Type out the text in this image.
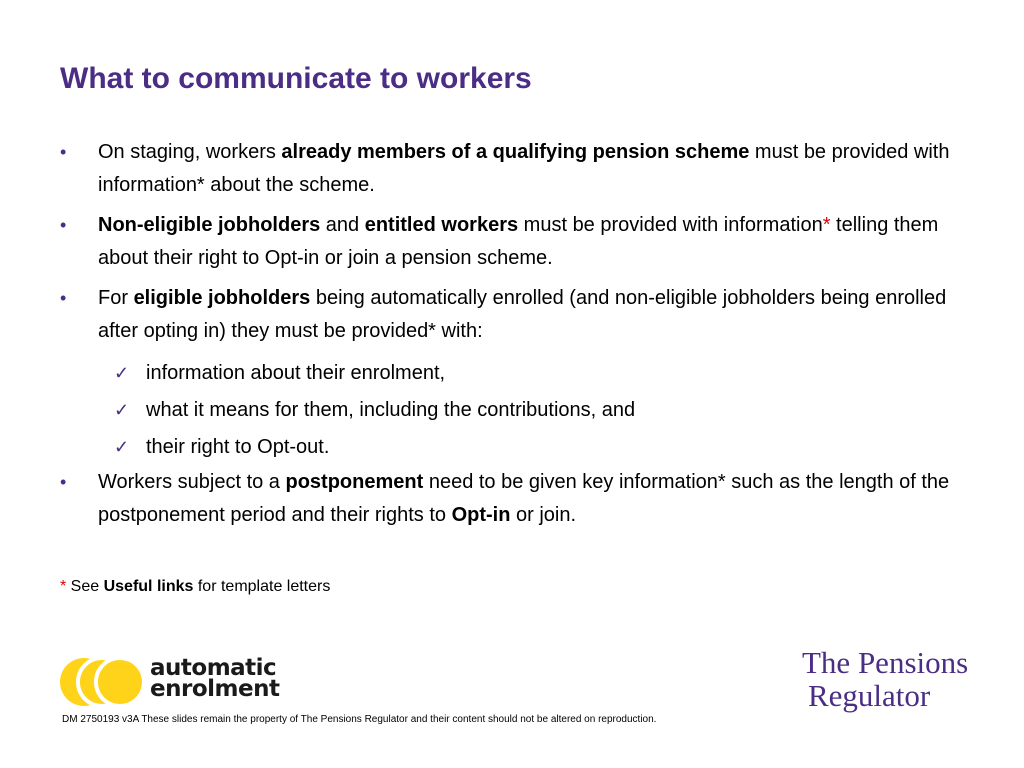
What to communicate to workers
• On staging, workers already members of a qualifying pension scheme must be provided with information* about the scheme.
• Non-eligible jobholders and entitled workers must be provided with information* telling them about their right to Opt-in or join a pension scheme.
• For eligible jobholders being automatically enrolled (and non-eligible jobholders being enrolled after opting in) they must be provided* with:
✓ information about their enrolment,
✓ what it means for them, including the contributions, and
✓ their right to Opt-out.
• Workers subject to a postponement need to be given key information* such as the length of the postponement period and their rights to Opt-in or join.
* See Useful links for template letters
automatic
enrolment
The Pensions
Regulator
DM 2750193 v3A These slides remain the property of The Pensions Regulator and their content should not be altered on reproduction.
